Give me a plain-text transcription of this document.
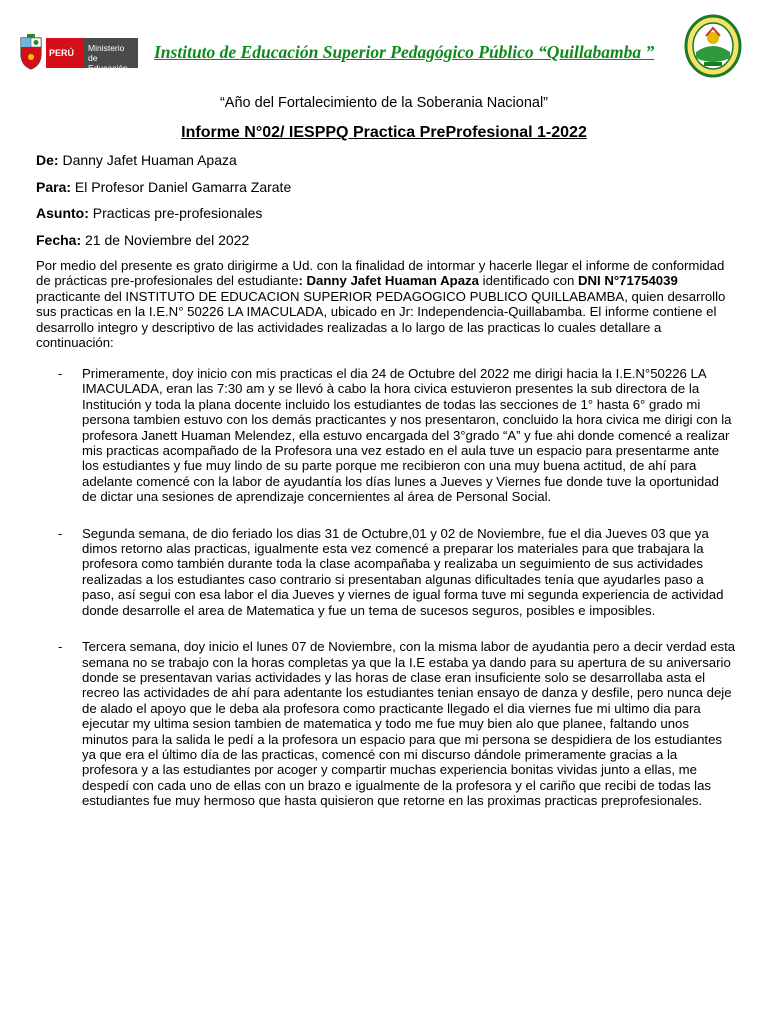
PERÚ	Ministerio
de Educación
Instituto de Educación Superior Pedagógico Público “Quillabamba ”
“Año del Fortalecimiento de la Soberania Nacional”
Informe N°02/ IESPPQ Practica PreProfesional 1-2022
De: Danny Jafet Huaman Apaza
Para: El Profesor Daniel Gamarra Zarate
Asunto: Practicas pre-profesionales
Fecha: 21 de Noviembre del 2022
Por medio del presente es grato dirigirme a Ud. con la finalidad de intormar y hacerle llegar el informe de conformidad de prácticas pre-profesionales del estudiante: Danny Jafet Huaman Apaza identificado con DNI N°71754039 practicante del INSTITUTO DE EDUCACION SUPERIOR PEDAGOGICO PUBLICO QUILLABAMBA, quien desarrollo sus practicas en la I.E.N° 50226 LA IMACULADA, ubicado en Jr: Independencia-Quillabamba. El informe contiene el desarrollo integro y descriptivo de las actividades realizadas a lo largo de las practicas lo cuales detallare a continuación:
- Primeramente, doy inicio con mis practicas el dia 24 de Octubre del 2022 me dirigi hacia la I.E.N°50226 LA IMACULADA, eran las 7:30 am y se llevó à cabo la hora civica estuvieron presentes la sub directora de la Institución y toda la plana docente incluido los estudiantes de todas las secciones de 1° hasta 6° grado mi persona tambien estuvo con los demás practicantes y nos presentaron, concluido la hora civica me dirigi con la profesora Janett Huaman Melendez, ella estuvo encargada del 3°grado “A” y fue ahi donde comencé a realizar mis practicas acompañado de la Profesora una vez estado en el aula tuve un espacio para presentarme ante los estudiantes y fue muy lindo de su parte porque me recibieron con una muy buena actitud, de ahí para adelante comencé con la labor de ayudantía los días lunes a Jueves y Viernes fue donde tuve la oportunidad de dictar una sesiones de aprendizaje concernientes al área de Personal Social.
- Segunda semana, de dio feriado los dias 31 de Octubre,01 y 02 de Noviembre, fue el dia Jueves 03 que ya dimos retorno alas practicas, igualmente esta vez comencé a preparar los materiales para que trabajara la profesora como también durante toda la clase acompañaba y realizaba un seguimiento de sus actividades realizadas a los estudiantes caso contrario si presentaban algunas dificultades tenía que ayudarles paso a paso, así segui con esa labor el dia Jueves y viernes de igual forma tuve mi segunda experiencia de actividad donde desarrolle el area de Matematica y fue un tema de sucesos seguros, posibles e imposibles.
- Tercera semana, doy inicio el lunes 07 de Noviembre, con la misma labor de ayudantia pero a decir verdad esta semana no se trabajo con la horas completas ya que la I.E estaba ya dando para su apertura de su aniversario donde se presentavan varias actividades y las horas de clase eran insuficiente solo se desarrollaba asta el recreo las actividades de ahí para adentante los estudiantes tenian ensayo de danza y desfile, pero nunca deje de alado el apoyo que le deba ala profesora como practicante llegado el dia viernes fue mi ultimo dia para ejecutar my ultima sesion tambien de matematica y todo me fue muy bien alo que planee, faltando unos minutos para la salida le pedí a la profesora un espacio para que mi persona se despidiera de los estudiantes ya que era el último día de las practicas, comencé con mi discurso dándole primeramente gracias a la profesora y a las estudiantes por acoger y compartir muchas experiencia bonitas vividas junto a ellas, me despedí con cada uno de ellas con un brazo e igualmente de la profesora y el cariño que recibi de todas las estudiantes fue muy hermoso que hasta quisieron que retorne en las proximas practicas preprofesionales.
